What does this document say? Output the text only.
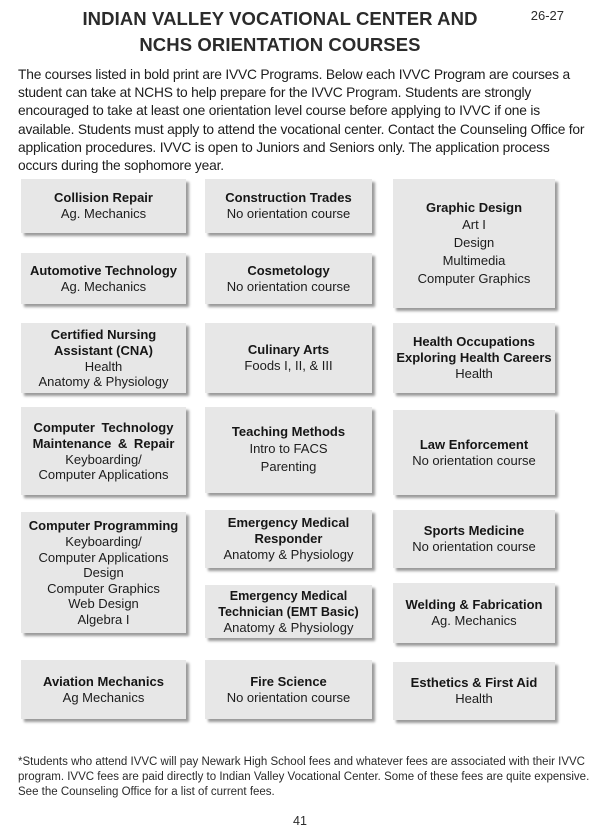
26-27
INDIAN VALLEY VOCATIONAL CENTER AND
NCHS ORIENTATION COURSES

The courses listed in bold print are IVVC Programs. Below each IVVC Program are courses a student can take at NCHS to help prepare for the IVVC Program. Students are strongly encouraged to take at least one orientation level course before applying to IVVC if one is available. Students must apply to attend the vocational center. Contact the Counseling Office for application procedures. IVVC is open to Juniors and Seniors only. The application process occurs during the sophomore year.

Collision Repair
Ag. Mechanics
Automotive Technology
Ag. Mechanics
Certified Nursing Assistant (CNA)
Health
Anatomy & Physiology
Computer Technology Maintenance & Repair
Keyboarding/
Computer Applications
Computer Programming
Keyboarding/
Computer Applications
Design
Computer Graphics
Web Design
Algebra I
Aviation Mechanics
Ag Mechanics
Construction Trades
No orientation course
Cosmetology
No orientation course
Culinary Arts
Foods I, II, & III
Teaching Methods
Intro to FACS
Parenting
Emergency Medical Responder
Anatomy & Physiology
Emergency Medical Technician (EMT Basic)
Anatomy & Physiology
Fire Science
No orientation course
Graphic Design
Art I
Design
Multimedia
Computer Graphics
Health Occupations Exploring Health Careers
Health
Law Enforcement
No orientation course
Sports Medicine
No orientation course
Welding & Fabrication
Ag. Mechanics
Esthetics & First Aid
Health

*Students who attend IVVC will pay Newark High School fees and whatever fees are associated with their IVVC program. IVVC fees are paid directly to Indian Valley Vocational Center. Some of these fees are quite expensive. See the Counseling Office for a list of current fees.

41
